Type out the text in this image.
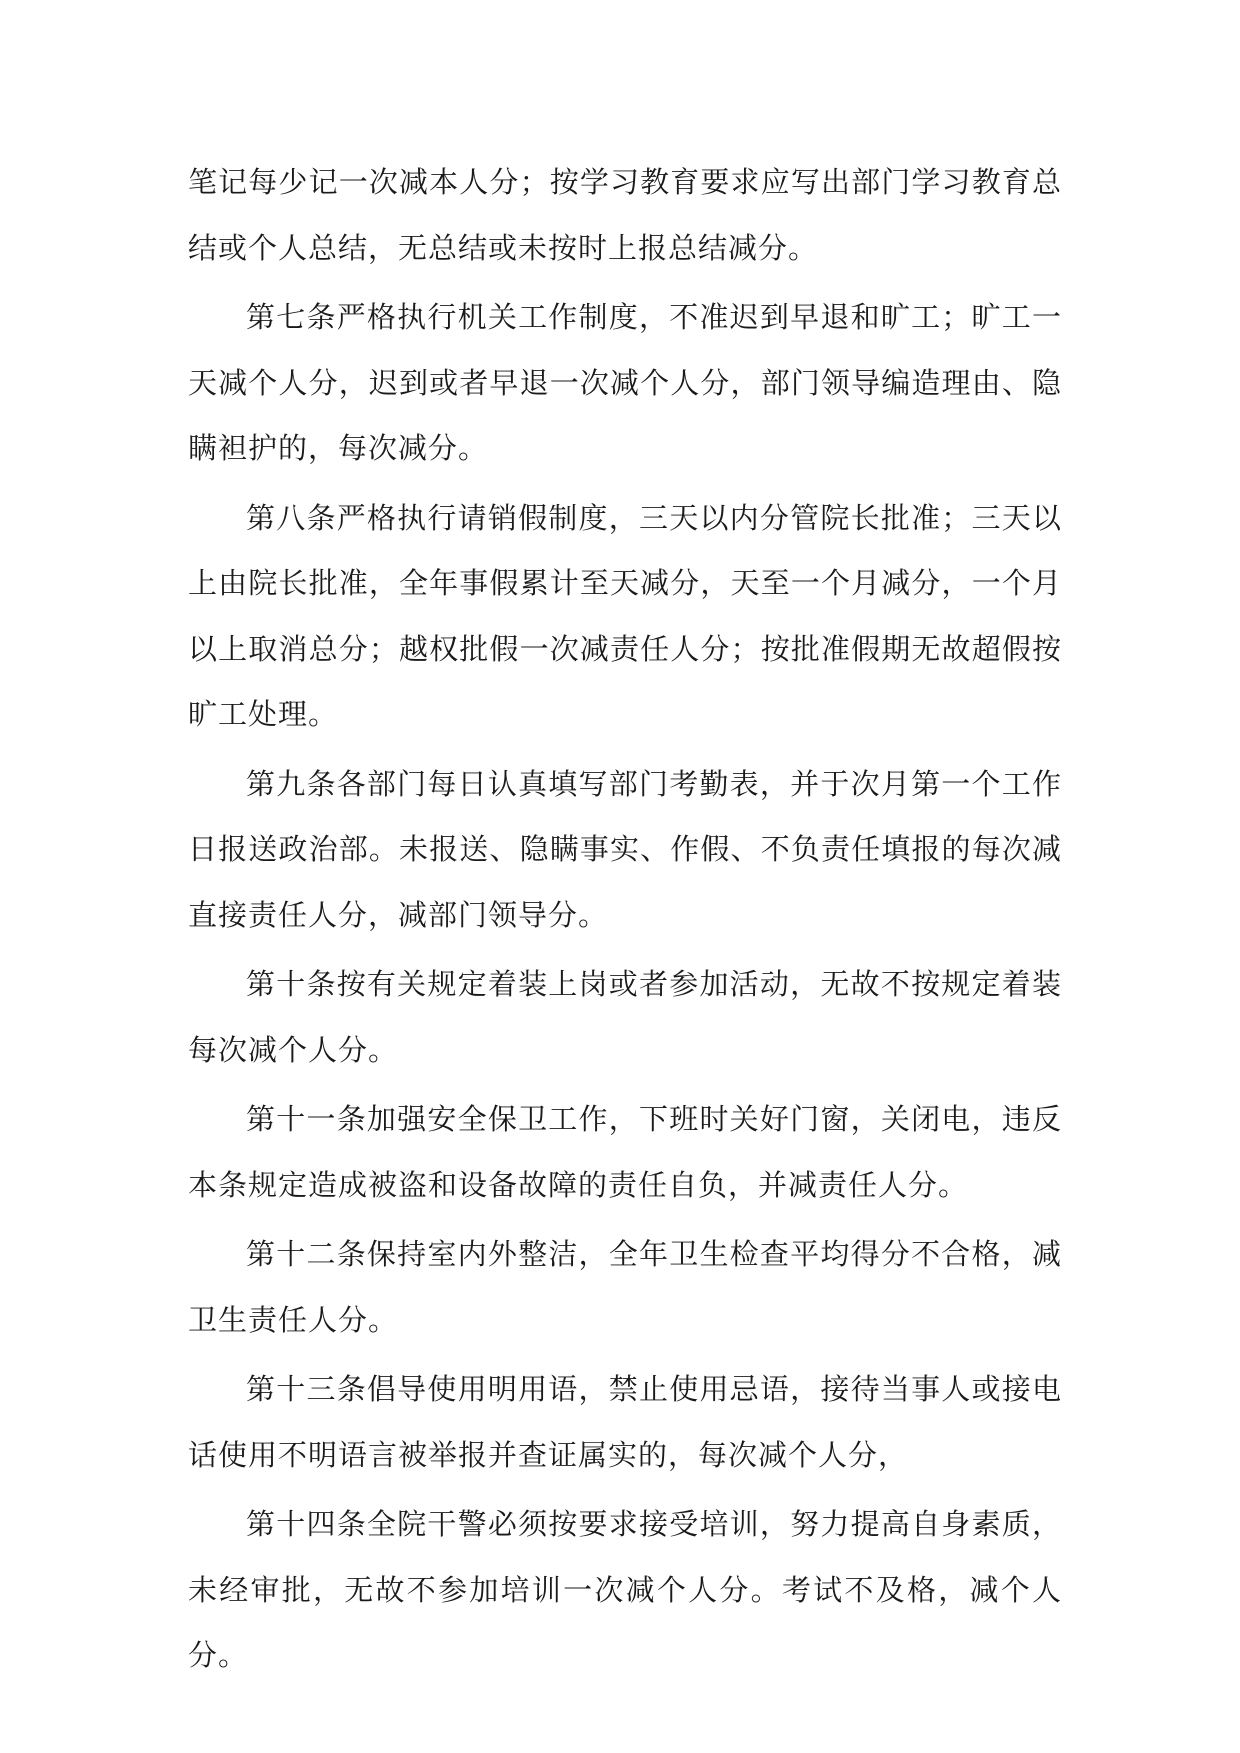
笔记每少记一次减本人分；按学习教育要求应写出部门学习教育总结或个人总结，无总结或未按时上报总结减分。

第七条严格执行机关工作制度，不准迟到早退和旷工；旷工一天减个人分，迟到或者早退一次减个人分，部门领导编造理由、隐瞒袒护的，每次减分。

第八条严格执行请销假制度，三天以内分管院长批准；三天以上由院长批准，全年事假累计至天减分，天至一个月减分，一个月以上取消总分；越权批假一次减责任人分；按批准假期无故超假按旷工处理。

第九条各部门每日认真填写部门考勤表，并于次月第一个工作日报送政治部。未报送、隐瞒事实、作假、不负责任填报的每次减直接责任人分，减部门领导分。

第十条按有关规定着装上岗或者参加活动，无故不按规定着装每次减个人分。

第十一条加强安全保卫工作，下班时关好门窗，关闭电，违反本条规定造成被盗和设备故障的责任自负，并减责任人分。

第十二条保持室内外整洁，全年卫生检查平均得分不合格，减卫生责任人分。

第十三条倡导使用明用语，禁止使用忌语，接待当事人或接电话使用不明语言被举报并查证属实的，每次减个人分，

第十四条全院干警必须按要求接受培训，努力提高自身素质，未经审批，无故不参加培训一次减个人分。考试不及格，减个人分。
